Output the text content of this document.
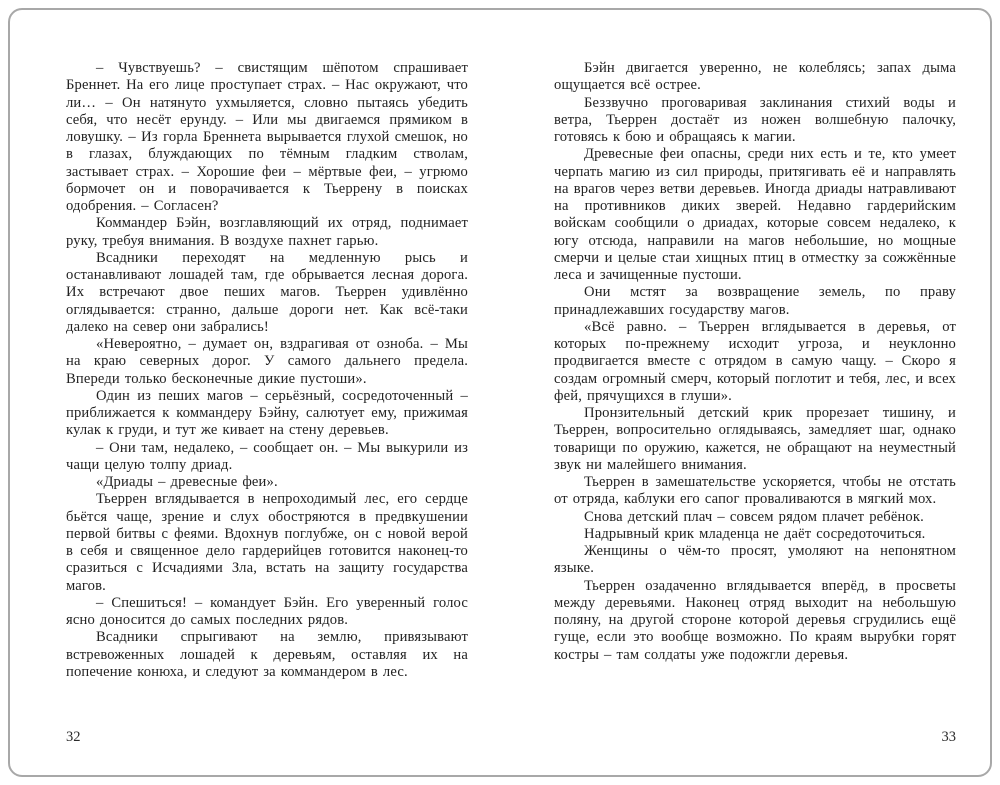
– Чувствуешь? – свистящим шёпотом спрашивает Бреннет. На его лице проступает страх. – Нас окружают, что ли… – Он натянуто ухмыляется, словно пытаясь убедить себя, что несёт ерунду. – Или мы двигаемся прямиком в ловушку. – Из горла Бреннета вырывается глухой смешок, но в глазах, блуждающих по тёмным гладким стволам, застывает страх. – Хорошие феи – мёртвые феи, – угрюмо бормочет он и поворачивается к Тьеррену в поисках одобрения. – Согласен?

Коммандер Бэйн, возглавляющий их отряд, поднимает руку, требуя внимания. В воздухе пахнет гарью.

Всадники переходят на медленную рысь и останавливают лошадей там, где обрывается лесная дорога. Их встречают двое пеших магов. Тьеррен удивлённо оглядывается: странно, дальше дороги нет. Как всё-таки далеко на север они забрались!

«Невероятно, – думает он, вздрагивая от озноба. – Мы на краю северных дорог. У самого дальнего предела. Впереди только бесконечные дикие пустоши».

Один из пеших магов – серьёзный, сосредоточенный – приближается к коммандеру Бэйну, салютует ему, прижимая кулак к груди, и тут же кивает на стену деревьев.

– Они там, недалеко, – сообщает он. – Мы выкурили из чащи целую толпу дриад.

«Дриады – древесные феи».

Тьеррен вглядывается в непроходимый лес, его сердце бьётся чаще, зрение и слух обостряются в предвкушении первой битвы с феями. Вдохнув поглубже, он с новой верой в себя и священное дело гардерийцев готовится наконец-то сразиться с Исчадиями Зла, встать на защиту государства магов.

– Спешиться! – командует Бэйн. Его уверенный голос ясно доносится до самых последних рядов.

Всадники спрыгивают на землю, привязывают встревоженных лошадей к деревьям, оставляя их на попечение конюха, и следуют за коммандером в лес.

Бэйн двигается уверенно, не колеблясь; запах дыма ощущается всё острее.

Беззвучно проговаривая заклинания стихий воды и ветра, Тьеррен достаёт из ножен волшебную палочку, готовясь к бою и обращаясь к магии.

Древесные феи опасны, среди них есть и те, кто умеет черпать магию из сил природы, притягивать её и направлять на врагов через ветви деревьев. Иногда дриады натравливают на противников диких зверей. Недавно гардерийским войскам сообщили о дриадах, которые совсем недалеко, к югу отсюда, направили на магов небольшие, но мощные смерчи и целые стаи хищных птиц в отместку за сожжённые леса и зачищенные пустоши.

Они мстят за возвращение земель, по праву принадлежавших государству магов.

«Всё равно. – Тьеррен вглядывается в деревья, от которых по-прежнему исходит угроза, и неуклонно продвигается вместе с отрядом в самую чащу. – Скоро я создам огромный смерч, который поглотит и тебя, лес, и всех фей, прячущихся в глуши».

Пронзительный детский крик прорезает тишину, и Тьеррен, вопросительно оглядываясь, замедляет шаг, однако товарищи по оружию, кажется, не обращают на неуместный звук ни малейшего внимания.

Тьеррен в замешательстве ускоряется, чтобы не отстать от отряда, каблуки его сапог проваливаются в мягкий мох.

Снова детский плач – совсем рядом плачет ребёнок.

Надрывный крик младенца не даёт сосредоточиться.

Женщины о чём-то просят, умоляют на непонятном языке.

Тьеррен озадаченно вглядывается вперёд, в просветы между деревьями. Наконец отряд выходит на небольшую поляну, на другой стороне которой деревья сгрудились ещё гуще, если это вообще возможно. По краям вырубки горят костры – там солдаты уже подожгли деревья.

32	33
